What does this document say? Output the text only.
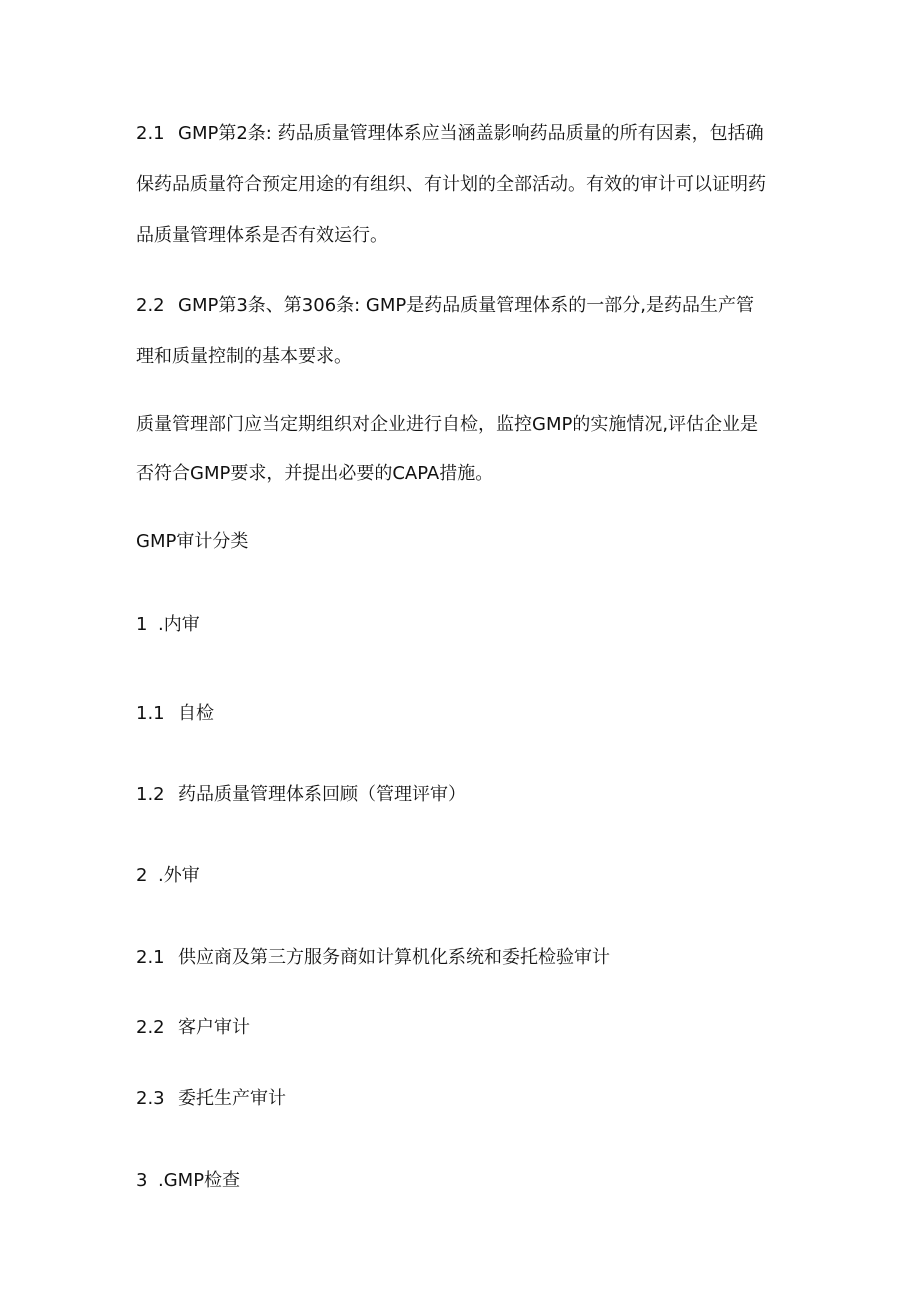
2.1 GMP第2条: 药品质量管理体系应当涵盖影响药品质量的所有因素，包括确
保药品质量符合预定用途的有组织、有计划的全部活动。有效的审计可以证明药
品质量管理体系是否有效运行。
2.2 GMP第3条、第306条: GMP是药品质量管理体系的一部分,是药品生产管
理和质量控制的基本要求。
质量管理部门应当定期组织对企业进行自检，监控GMP的实施情况,评估企业是
否符合GMP要求，并提出必要的CAPA措施。
GMP审计分类
1 .内审
1.1 自检
1.2 药品质量管理体系回顾（管理评审）
2 .外审
2.1 供应商及第三方服务商如计算机化系统和委托检验审计
2.2 客户审计
2.3 委托生产审计
3 .GMP检查
